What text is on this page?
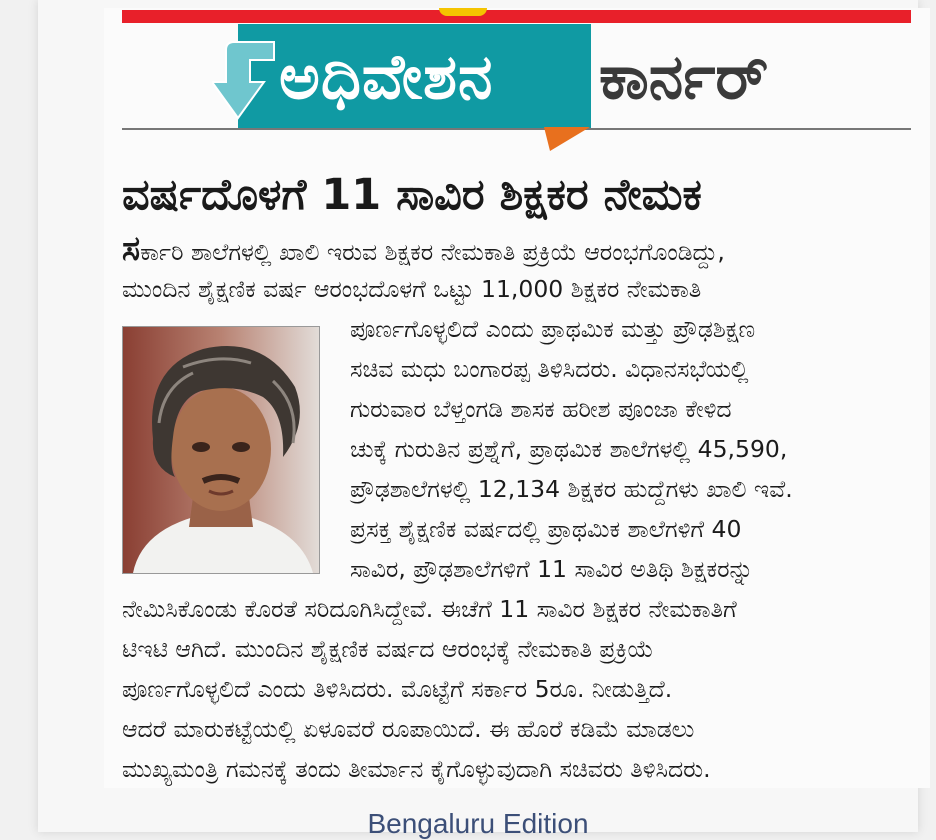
ಅಧಿವೇಶನ	ಕಾರ್ನರ್
ವರ್ಷದೊಳಗೆ 11 ಸಾವಿರ ಶಿಕ್ಷಕರ ನೇಮಕ
ಸರ್ಕಾರಿ ಶಾಲೆಗಳಲ್ಲಿ ಖಾಲಿ ಇರುವ ಶಿಕ್ಷಕರ ನೇಮಕಾತಿ ಪ್ರಕ್ರಿಯೆ ಆರಂಭಗೊಂಡಿದ್ದು,
ಮುಂದಿನ ಶೈಕ್ಷಣಿಕ ವರ್ಷ ಆರಂಭದೊಳಗೆ ಒಟ್ಟು 11,000 ಶಿಕ್ಷಕರ ನೇಮಕಾತಿ
ಪೂರ್ಣಗೊಳ್ಳಲಿದೆ ಎಂದು ಪ್ರಾಥಮಿಕ ಮತ್ತು ಪ್ರೌಢಶಿಕ್ಷಣ
ಸಚಿವ ಮಧು ಬಂಗಾರಪ್ಪ ತಿಳಿಸಿದರು. ವಿಧಾನಸಭೆಯಲ್ಲಿ
ಗುರುವಾರ ಬೆಳ್ತಂಗಡಿ ಶಾಸಕ ಹರೀಶ ಪೂಂಜಾ ಕೇಳಿದ
ಚುಕ್ಕೆ ಗುರುತಿನ ಪ್ರಶ್ನೆಗೆ, ಪ್ರಾಥಮಿಕ ಶಾಲೆಗಳಲ್ಲಿ 45,590,
ಪ್ರೌಢಶಾಲೆಗಳಲ್ಲಿ 12,134 ಶಿಕ್ಷಕರ ಹುದ್ದೆಗಳು ಖಾಲಿ ಇವೆ.
ಪ್ರಸಕ್ತ ಶೈಕ್ಷಣಿಕ ವರ್ಷದಲ್ಲಿ ಪ್ರಾಥಮಿಕ ಶಾಲೆಗಳಿಗೆ 40
ಸಾವಿರ, ಪ್ರೌಢಶಾಲೆಗಳಿಗೆ 11 ಸಾವಿರ ಅತಿಥಿ ಶಿಕ್ಷಕರನ್ನು
ನೇಮಿಸಿಕೊಂಡು ಕೊರತೆ ಸರಿದೂಗಿಸಿದ್ದೇವೆ. ಈಚೆಗೆ 11 ಸಾವಿರ ಶಿಕ್ಷಕರ ನೇಮಕಾತಿಗೆ
ಟಿಇಟಿ ಆಗಿದೆ. ಮುಂದಿನ ಶೈಕ್ಷಣಿಕ ವರ್ಷದ ಆರಂಭಕ್ಕೆ ನೇಮಕಾತಿ ಪ್ರಕ್ರಿಯೆ
ಪೂರ್ಣಗೊಳ್ಳಲಿದೆ ಎಂದು ತಿಳಿಸಿದರು. ಮೊಟ್ಟೆಗೆ ಸರ್ಕಾರ 5ರೂ. ನೀಡುತ್ತಿದೆ.
ಆದರೆ ಮಾರುಕಟ್ಟೆಯಲ್ಲಿ ಏಳೂವರೆ ರೂಪಾಯಿದೆ. ಈ ಹೊರೆ ಕಡಿಮೆ ಮಾಡಲು
ಮುಖ್ಯಮಂತ್ರಿ ಗಮನಕ್ಕೆ ತಂದು ತೀರ್ಮಾನ ಕೈಗೊಳ್ಳುವುದಾಗಿ ಸಚಿವರು ತಿಳಿಸಿದರು.
Bengaluru Edition
